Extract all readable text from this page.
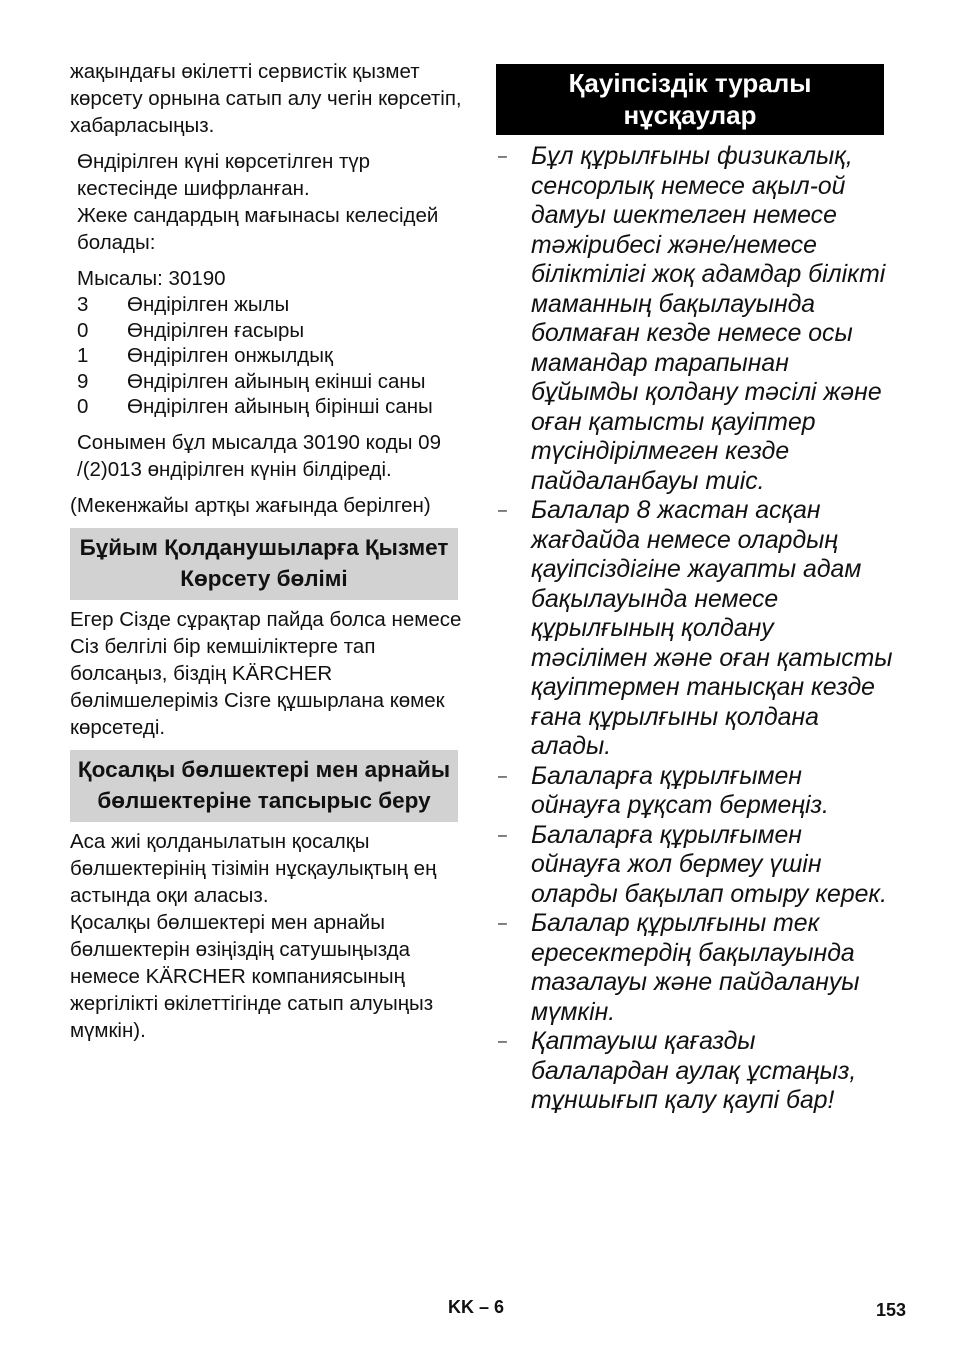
жақындағы өкілетті сервистік қызмет көрсету орнына сатып алу чегін көрсетіп, хабарласыңыз.

Өндірілген күні көрсетілген түр кестесінде шифрланған.

Жеке сандардың мағынасы келесідей болады:

Мысалы: 30190

3	Өндірілген жылы
0	Өндірілген ғасыры
1	Өндірілген онжылдық
9	Өндірілген айының екінші саны
0	Өндірілген айының бірінші саны

Сонымен бұл мысалда 30190 коды 09 /(2)013 өндірілген күнін білдіреді.

(Мекенжайы артқы жағында берілген)

Бұйым Қолданушыларға Қызмет Көрсету бөлімі

Егер Сізде сұрақтар пайда болса немесе Сіз белгілі бір кемшіліктерге тап болсаңыз, біздің KÄRCHER бөлімшелеріміз Сізге құшырлана көмек көрсетеді.

Қосалқы бөлшектері мен арнайы бөлшектеріне тапсырыс беру

Аса жиі қолданылатын қосалқы бөлшектерінің тізімін нұсқаулықтың ең астында оқи аласыз.

Қосалқы бөлшектері мен арнайы бөлшектерін өзіңіздің сатушыңызда немесе KÄRCHER компаниясының жергілікті өкілеттігінде сатып алуыңыз мүмкін).

Қауіпсіздік туралы нұсқаулар
– Бұл құрылғыны физикалық, сенсорлық немесе ақыл-ой дамуы шектелген немесе тәжірибесі және/немесе біліктілігі жоқ адамдар білікті маманның бақылауында болмаған кезде немесе осы мамандар тарапынан бұйымды қолдану тәсілі және оған қатысты қауіптер түсіндірілмеген кезде пайдаланбауы тиіс.
– Балалар 8 жастан асқан жағдайда немесе олардың қауіпсіздігіне жауапты адам бақылауында немесе құрылғының қолдану тәсілімен және оған қатысты қауіптермен танысқан кезде ғана құрылғыны қолдана алады.
– Балаларға құрылғымен ойнауға рұқсат бермеңіз.
– Балаларға құрылғымен ойнауға жол бермеу үшін оларды бақылап отыру керек.
– Балалар құрылғыны тек ересектердің бақылауында тазалауы және пайдалануы мүмкін.
– Қаптауыш қағазды балалардан аулақ ұстаңыз, тұншығып қалу қаупі бар!
KK – 6	153
